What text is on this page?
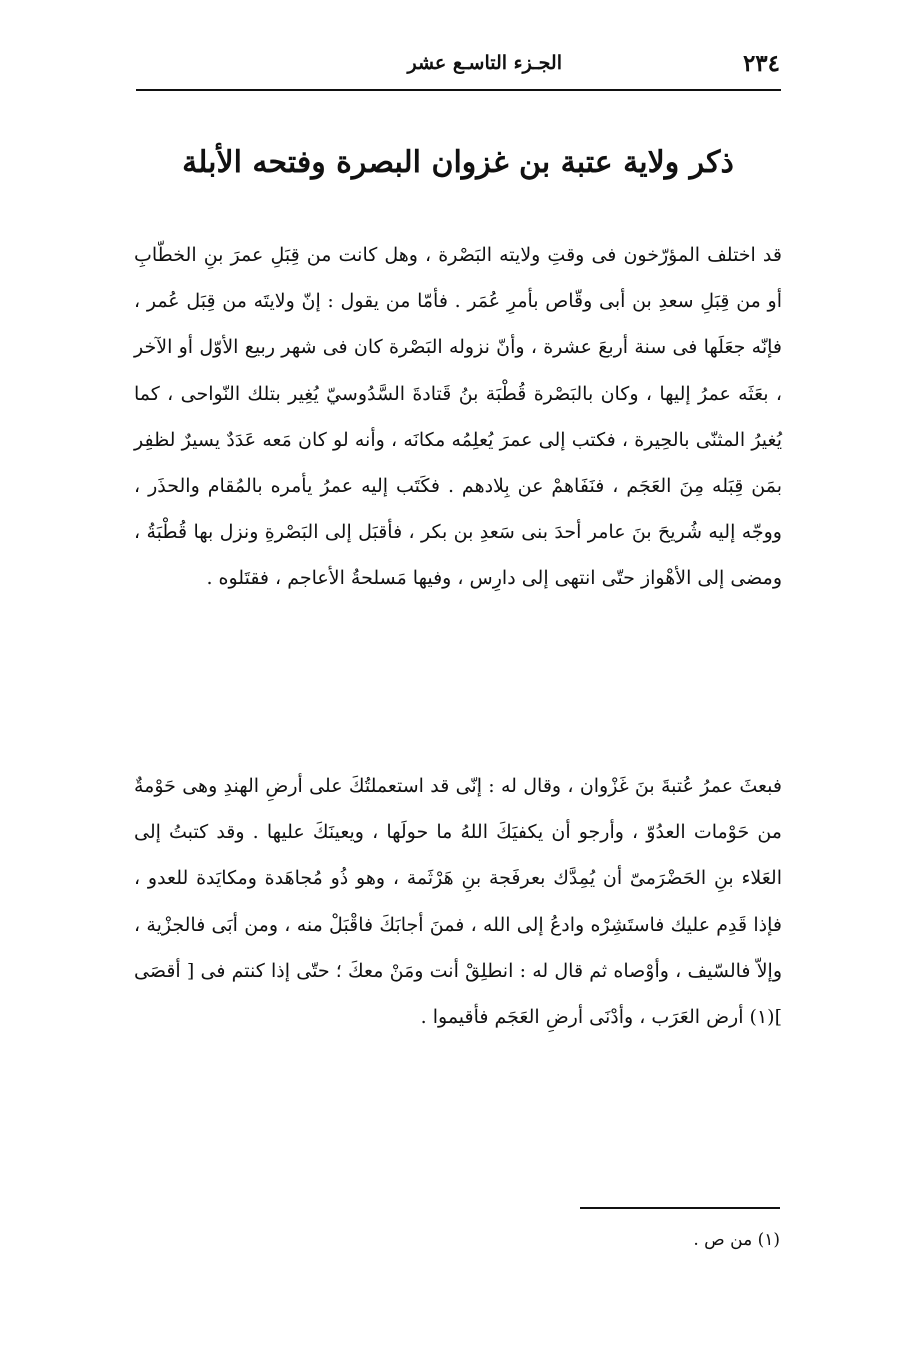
٢٣٤
الجـزء التاسـع عشر
ذكر ولاية عتبة بن غزوان البصرة وفتحه الأبلة

قد اختلف المؤرّخون فى وقتِ ولايته البَصْرة ، وهل كانت من قِبَلِ عمرَ بنِ الخطّابِ أو من قِبَلِ سعدِ بن أبى وقّاص بأمرِ عُمَر . فأمّا من يقول : إنّ ولايتَه من قِبَل عُمر ، فإنّه جعَلَها فى سنة أربعَ عشرة ، وأنّ نزوله البَصْرة كان فى شهر ربيع الأوّل أو الآخر ، بعَثَه عمرُ إليها ، وكان بالبَصْرة قُطْبَة بنُ قَتادةَ السَّدُوسيّ يُغِير بتلك النّواحى ، كما يُغيرُ المثنّى بالحِيرة ، فكتب إلى عمرَ يُعلِمُه مكانَه ، وأنه لو كان مَعه عَدَدٌ يسيرٌ لظفِر بمَن قِبَله مِنَ العَجَم ، فنَفَاهمْ عن بِلادهم . فكَتَب إليه عمرُ يأمره بالمُقام والحذَر ، ووجّه إليه شُريحَ بنَ عامر أحدَ بنى سَعدِ بن بكر ، فأقبَل إلى البَصْرةِ ونزل بها قُطْبَةُ ، ومضى إلى الأهْواز حتّى انتهى إلى دارِس ، وفيها مَسلحةُ الأعاجم ، فقتَلوه .

فبعثَ عمرُ عُتبةَ بنَ غَزْوان ، وقال له : إنّى قد استعملتُكَ على أرضِ الهندِ وهى حَوْمةٌ من حَوْمات العدُوّ ، وأرجو أن يكفيَكَ اللهُ ما حولَها ، ويعينَكَ عليها . وقد كتبتُ إلى العَلاء بنِ الحَضْرَمىّ أن يُمِدَّك بعرفَجة بنِ هَرْثَمة ، وهو ذُو مُجاهَدة ومكايَدة للعدو ، فإذا قَدِم عليك فاستَشِرْه وادعُ إلى الله ، فمنَ أجابَكَ فاقْبَلْ منه ، ومن أبَى فالجزْية ، وإلاّ فالسّيف ، وأوْصاه ثم قال له : انطلِقْ أنت ومَنْ معكَ ؛ حتّى إذا كنتم فى [ أقصَى ](١) أرض العَرَب ، وأدْنَى أرضِ العَجَم فأقيموا .

(١) من ص .
